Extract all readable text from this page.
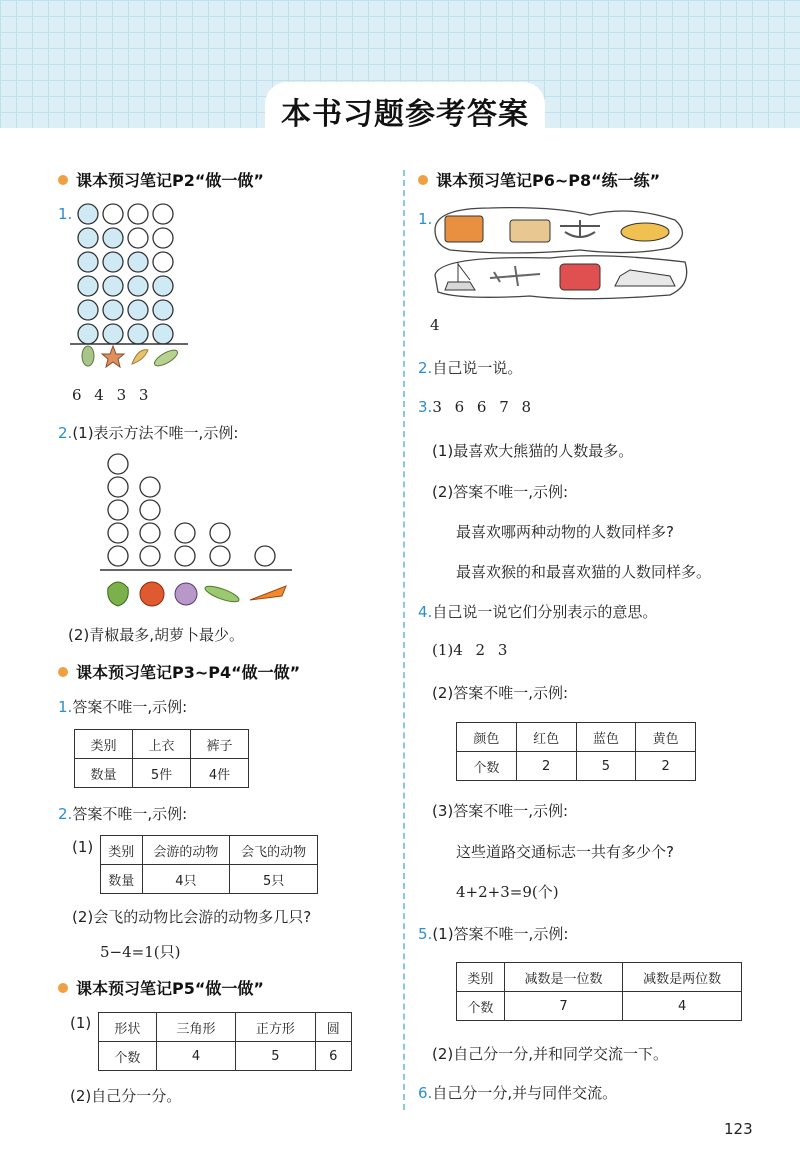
本书习题参考答案
课本预习笔记P2“做一做”
1.
6 4 3 3
2.(1)表示方法不唯一,示例:
(2)青椒最多,胡萝卜最少。
课本预习笔记P3~P4“做一做”
1.答案不唯一,示例:
类别	上衣	裤子
数量	5件	4件
2.答案不唯一,示例:
(1) 类别	会游的动物	会飞的动物
数量	4只	5只
(2)会飞的动物比会游的动物多几只?
5−4=1(只)
课本预习笔记P5“做一做”
(1) 形状	三角形	正方形	圆
个数	4	5	6
(2)自己分一分。
课本预习笔记P6~P8“练一练”
1.
4
2.自己说一说。
3.3 6 6 7 8
(1)最喜欢大熊猫的人数最多。
(2)答案不唯一,示例:
最喜欢哪两种动物的人数同样多?
最喜欢猴的和最喜欢猫的人数同样多。
4.自己说一说它们分别表示的意思。
(1)4 2 3
(2)答案不唯一,示例:
颜色	红色	蓝色	黄色
个数	2	5	2
(3)答案不唯一,示例:
这些道路交通标志一共有多少个?
4+2+3=9(个)
5.(1)答案不唯一,示例:
类别	减数是一位数	减数是两位数
个数	7	4
(2)自己分一分,并和同学交流一下。
6.自己分一分,并与同伴交流。
123
